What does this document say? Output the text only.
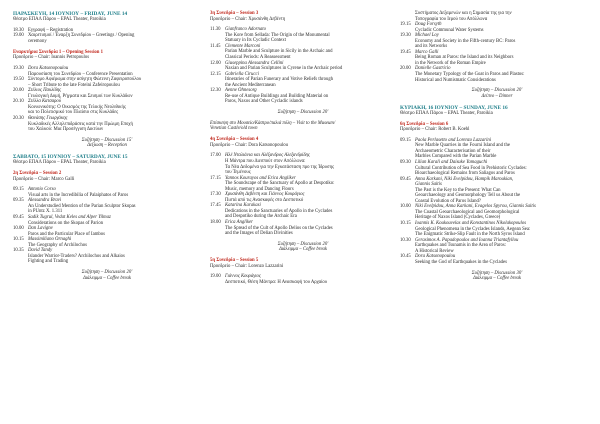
ΠΑΡΑΣΚΕΥΗ, 14 ΙΟΥΝΙΟΥ – FRIDAY, JUNE 14
Θέατρο ΕΠΑΛ Πάρου – EPAL Theater, Paroikia
18.30 Εγγραφή – Registration
19.00 Χαιρετισμοί / Έναρξη Συνεδρίου – Greetings / Opening
ceremony
Εναρκτήρια Συνεδρία 1 – Opening Session 1
Προεδρείο – Chair: Ioannis Petropoulos
19.30 Dora Katsonopoulou
Παρουσίαση του Συνεδρίου – Conference Presentation
19.50 Σύντομο Αφιέρωμα στην ασίγητη Φώτεινη Ζαφειροπούλου
– Short Tribute to the late Foteini Zafeiropoulou
20.00 Στέλιος Παυλίδης
Γεωλογική Δομή, Ρήγματα και Σεισμοί των Κυκλάδων
20.10 Στέλλα Κατσαρού
Κοινωνικότης: Ο Οικισμός της Τελικής Νεολιθικής
και το Πολιτισμικό του Πλαίσιο στις Κυκλάδες
20.30 Θανάσης Γεωργάκης
Κυκλαδικές Αλληλεπιδράσεις κατά την Πρώιμη Εποχή
του Χαλκού: Μια Προσέγγιση Δικτύων
Συζήτηση – Discussion 15'
Δεξίωση – Reception
ΣΑΒΒΑΤΟ, 15 ΙΟΥΝΙΟΥ – SATURDAY, JUNE 15
Θέατρο ΕΠΑΛ Πάρου – EPAL Theater, Paroikia
2η Συνεδρία – Session 2
Προεδρείο – Chair: Marco Galli
09.15 Antonio Corso
Visual arts in the Incredibilia of Palaiphatos of Paros
09.35 Alessandra Bravi
An Understudied Mention of the Parian Sculptor Skopas
in PUntz X. 1.311
09.45 Sadik Tugrul, Vedat Keles and Alper Yilmaz
Considerations on the Skopas of Parion
10.00 Dan Lavigne
Paros and the Particular Place of Iambos
10.15 Massimiliano Ornaghi
The Geography of Archilochos
10.35 David Tandy
Islander Warrior-Traders? Archilochos and Alkaios
Fighting and Trading
Συζήτηση – Discussion 20'
Διάλειμμα – Coffee break
3η Συνεδρία – Session 3
Προεδρείο – Chair: Χρυσάνθη Δεβέντη
11.30 Gianfranco Adornato
The Kore from Sellada: The Origin of the Monumental
Statuary in Its Cycladic Context
11.45 Clemente Marconi
Parian Marble and Sculpture in Sicily in the Archaic and
Classical Periods: A Reassessment
12.00 Giuseppina Alessandra Cellini
Naxian and Parian Sculptures in Cyrene in the Archaic period
12.15 Gabriella Cirucci
Itineraries of Parian Funerary and Votive Reliefs through
the Ancient Mediterranean
12.30 Aenne Ohnesorg
Re-use of Antique Buildings and Building Material on
Paros, Naxos and Other Cycladic islands
Συζήτηση – Discussion 20'
Επίσκεψη στο Μουσείο/Κάστρο/παλιά πόλη – Visit to the Museum/
Venetian Castle/old town
4η Συνεδρία – Session 4
Προεδρείο – Chair: Dora Katsonopoulou
17.00 Ηλέ Νταλιάνια και Αλέξανδρος Αλεξανδρίδης
Η Μάντρα που Διεσπούτ στον Απόλλωνα:
Τα Νέα Δεδομένα για την Εγκατάσταση προ της Ίδρυσης
του Τεμένους
17.15 Yannos Kourayos and Erica Angliker
The Soundscape of the Sanctuary of Apollo at Despotiko:
Music, memory and Dancing Floors
17.30 Χρυσάνθη Δεβέντη και Γιάννος Κουράγιος
Πιστά από τις Ανασκαφές στο Δεσποτικό
17.45 Katarina Karakasi
Dedications in the Sanctuaries of Apollo in the Cyclades
and Despotiko during the Archaic Era
18.00 Erica Angliker
The Spread of the Cult of Apollo Delios on the Cyclades
and the Images of Delian Divinities
Συζήτηση – Discussion 20'
Διάλειμμα – Coffee break
5η Συνεδρία – Session 5
Προεδρείο – Chair: Lorenzo Lazzarini
19.00 Γιάννος Κουράγιος
Δεσποτικό, Θέση Μάντρα: Η Ανασκαφή του Αρχαίου
Συστήματος Δεξαμενών και η Σημασία της για την
Τοπογραφία του Ιερού του Απόλλωνα
19.15 Doug Forsyth
Cycladic Communal Water Systems
19.30 Michael Loy
Economy and Society in the Fifth-century BC: Paros
and its Networks
19.45 Marco Galli
Being Roman at Paros: the Island and its Neighbors
in the Network of the Roman Empire
20.00 Danielle Gastricio
The Monetary Typology of the Goat in Paros and Plastos:
Historical and Numismatic Considerations
Συζήτηση – Discussion 20'
Δείπνο – Dinner
ΚΥΡΙΑΚΗ, 16 ΙΟΥΝΙΟΥ – SUNDAY, JUNE 16
Θέατρο ΕΠΑΛ Πάρου – EPAL Theater, Paroikia
6η Συνεδρία – Session 6
Προεδρείο – Chair: Robert B. Koehl
09.15 Paola Perlasetto and Lorenzo Lazzarini
New Marble Quarries in the Fourni Island and the
Archaeometric Characterisation of their
Marbles Compared with the Parian Marble
09.30 Lilian Karali and Daisuke Yamaguchi
Cultural Contribution of Sea Food in Prehistoric Cyclades:
Bioarchaeological Remains from Saliagos and Paros
09.45 Anna Karkani, Niki Evelpidou, Hampik Maroukian,
Giannis Saitis
The Past is the Key to the Present: What Can
Geoarchaeology and Geomorphology Tell us About the
Coastal Evolution of Paros Island?
10.00 Niki Evelpidou, Anna Karkani, Evagelos Spyrou, Giannis Saitis
The Coastal Geoarchaeological and Geomorphological
Heritage of Naxos Island (Cyclades, Greece)
10.15 Ioannis K. Koukouvelas and Konstantinos Nikolakopoulos
Geological Phenomena in the Cyclades Islands, Aegean Sea:
The Enigmatic Strike-Slip Fault in the North Syros Island
10.30 Gerasimos A. Papadopoulos and Ioanna Triantafyllou
Earthquakes and Tsunamis in the Area of Paros:
A Historical Review
10.45 Dora Katsonopoulou
Seeking the God of Earthquakes in the Cyclades
Συζήτηση – Discussion 30'
Διάλειμμα – Coffee break
